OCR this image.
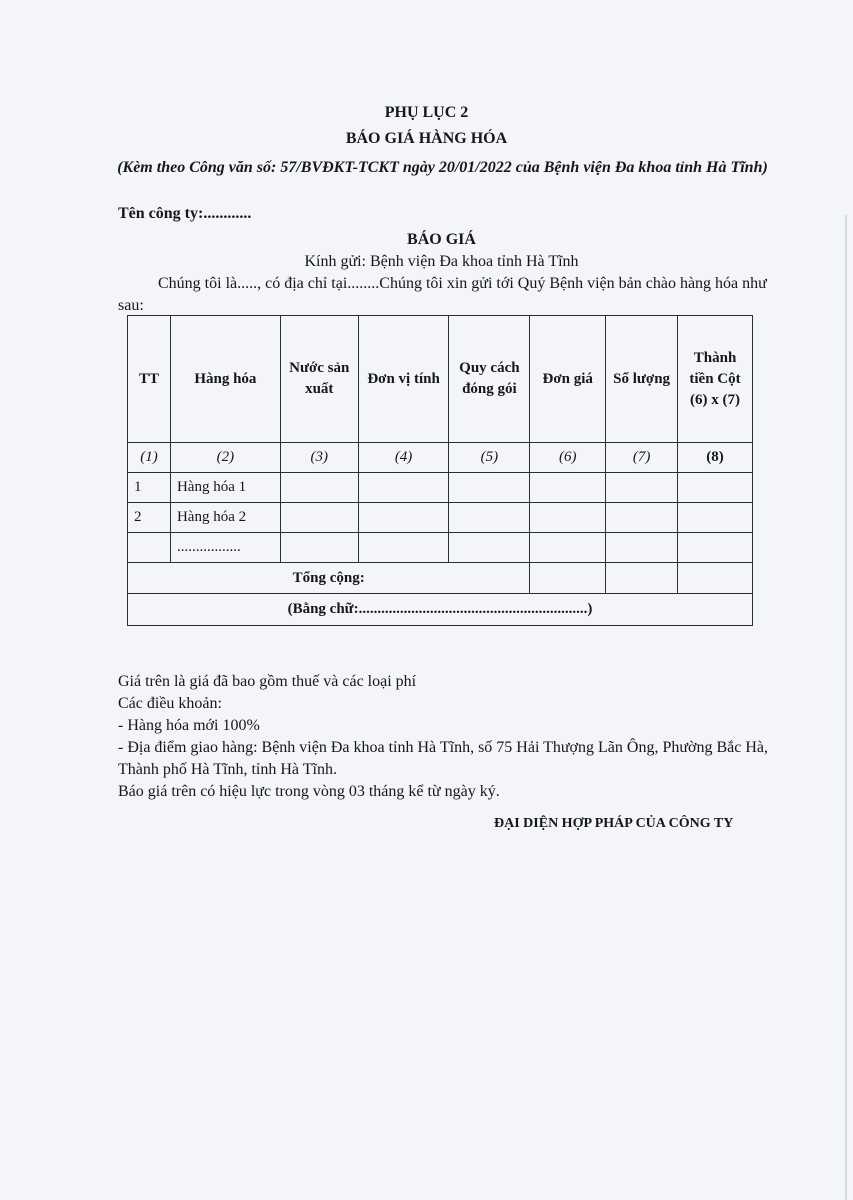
PHỤ LỤC 2
BÁO GIÁ HÀNG HÓA
(Kèm theo Công văn số: 57/BVĐKT-TCKT ngày 20/01/2022 của Bệnh viện Đa khoa tỉnh Hà Tĩnh)
Tên công ty:............
BÁO GIÁ
Kính gửi: Bệnh viện Đa khoa tỉnh Hà Tĩnh
Chúng tôi là....., có địa chỉ tại........Chúng tôi xin gửi tới Quý Bệnh viện bản chào hàng hóa như sau:
TT	Hàng hóa	Nước sản xuất	Đơn vị tính	Quy cách đóng gói	Đơn giá	Số lượng	Thành tiền Cột (6) x (7)
(1)	(2)	(3)	(4)	(5)	(6)	(7)	(8)
1	Hàng hóa 1						
2	Hàng hóa 2						
	.................						
Tổng cộng:							
(Bằng chữ:.............................................................)							

Giá trên là giá đã bao gồm thuế và các loại phí

Các điều khoản:

- Hàng hóa mới 100%

- Địa điểm giao hàng: Bệnh viện Đa khoa tỉnh Hà Tĩnh, số 75 Hải Thượng Lãn Ông, Phường Bắc Hà, Thành phố Hà Tĩnh, tỉnh Hà Tĩnh.

Báo giá trên có hiệu lực trong vòng 03 tháng kể từ ngày ký.

ĐẠI DIỆN HỢP PHÁP CỦA CÔNG TY
